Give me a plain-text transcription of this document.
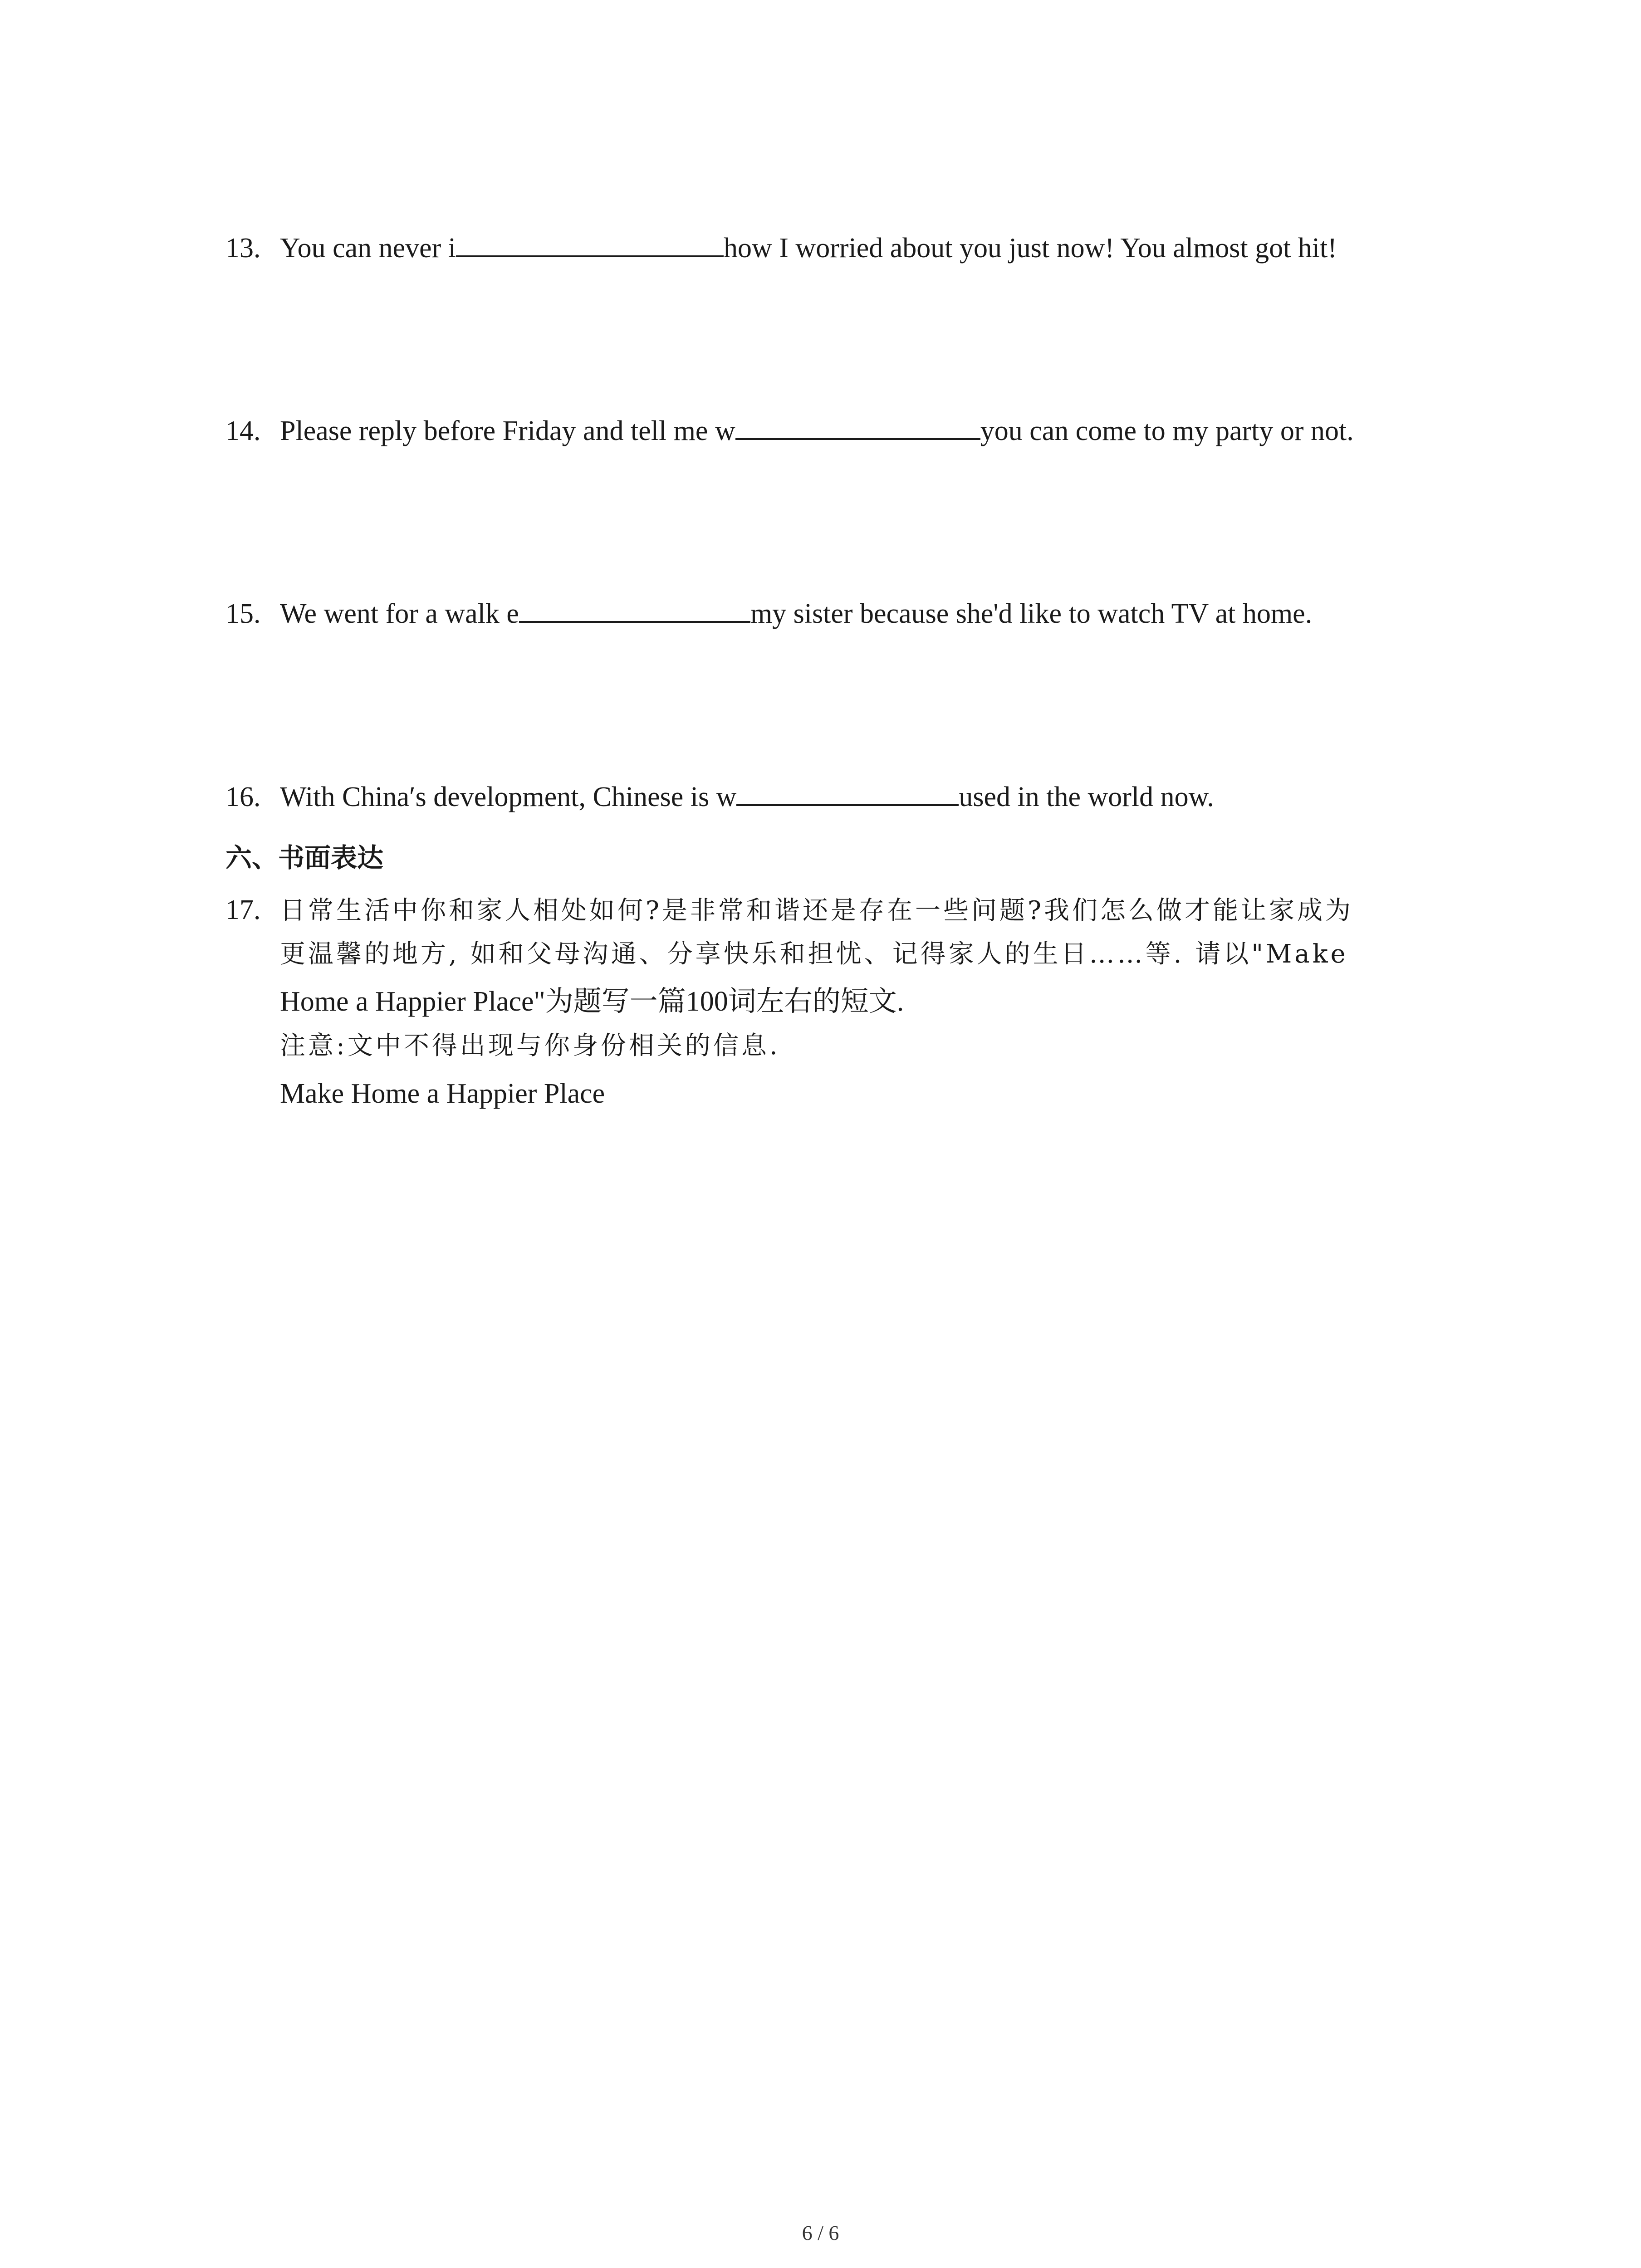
13. You can never i	how I worried about you just now! You almost got hit!
14. Please reply before Friday and tell me w	you can come to my party or not.
15. We went for a walk e	my sister because she'd like to watch TV at home.
16. With China′s development, Chinese is w	used in the world now.
六、书面表达
17. 日常生活中你和家人相处如何?是非常和谐还是存在一些问题?我们怎么做才能让家成为
更温馨的地方, 如和父母沟通、分享快乐和担忧、记得家人的生日……等. 请以"Make
Home a Happier Place"为题写一篇100词左右的短文.
注意:文中不得出现与你身份相关的信息.
Make Home a Happier Place
6 / 6
